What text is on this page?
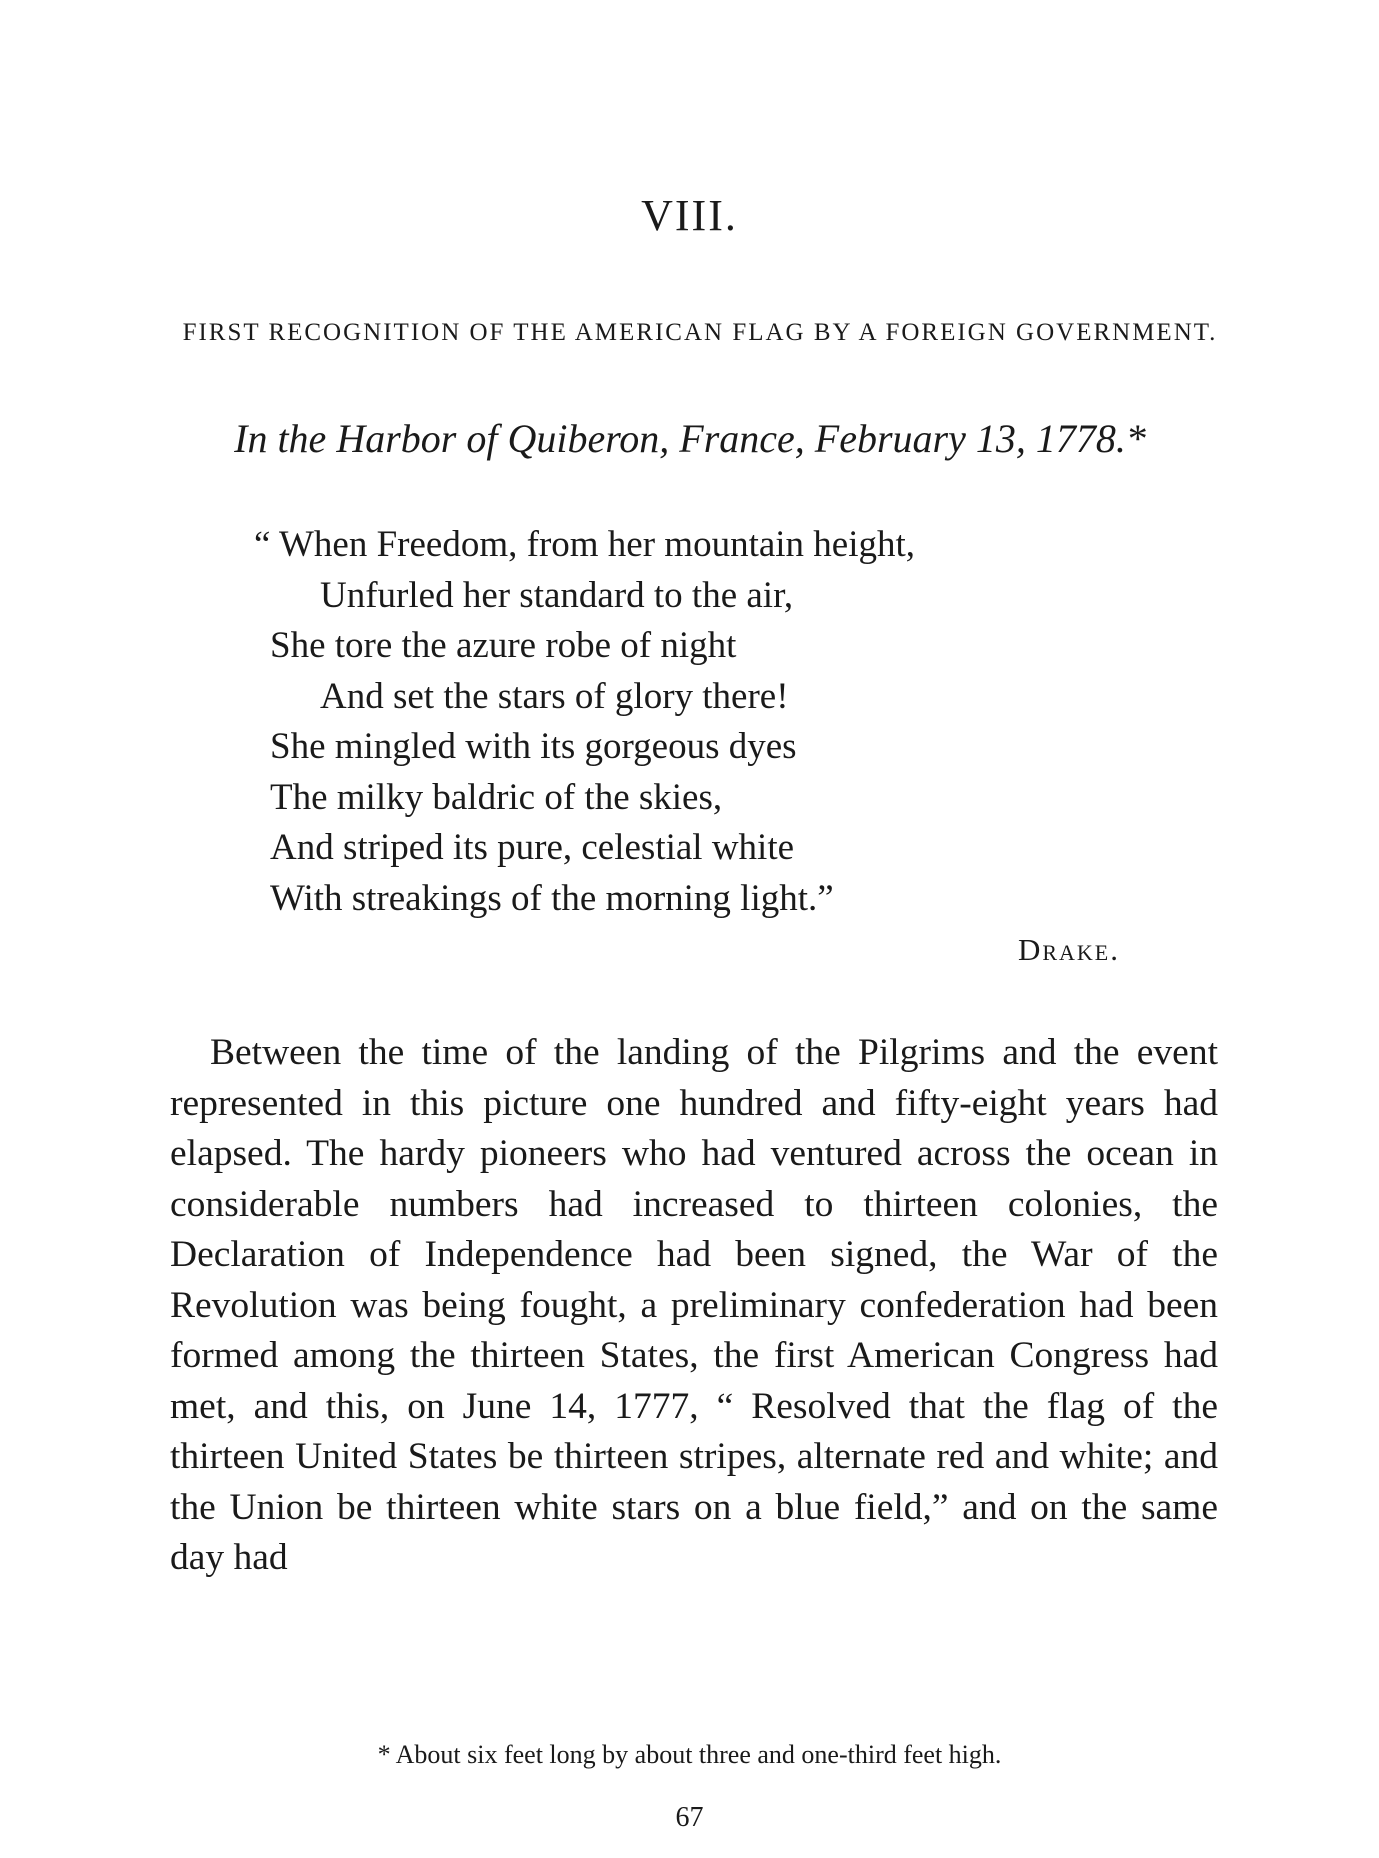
VIII.
FIRST RECOGNITION OF THE AMERICAN FLAG BY A FOREIGN GOVERNMENT.
In the Harbor of Quiberon, France, February 13, 1778.*
“ When Freedom, from her mountain height,
Unfurled her standard to the air,
She tore the azure robe of night
And set the stars of glory there!
She mingled with its gorgeous dyes
The milky baldric of the skies,
And striped its pure, celestial white
With streakings of the morning light.”
Drake.

Between the time of the landing of the Pilgrims and the event represented in this picture one hundred and fifty-eight years had elapsed. The hardy pioneers who had ventured across the ocean in considerable numbers had increased to thirteen colonies, the Declaration of Independence had been signed, the War of the Revolution was being fought, a preliminary confederation had been formed among the thirteen States, the first American Congress had met, and this, on June 14, 1777, “ Resolved that the flag of the thirteen United States be thirteen stripes, alternate red and white; and the Union be thirteen white stars on a blue field,” and on the same day had

* About six feet long by about three and one-third feet high.
67
